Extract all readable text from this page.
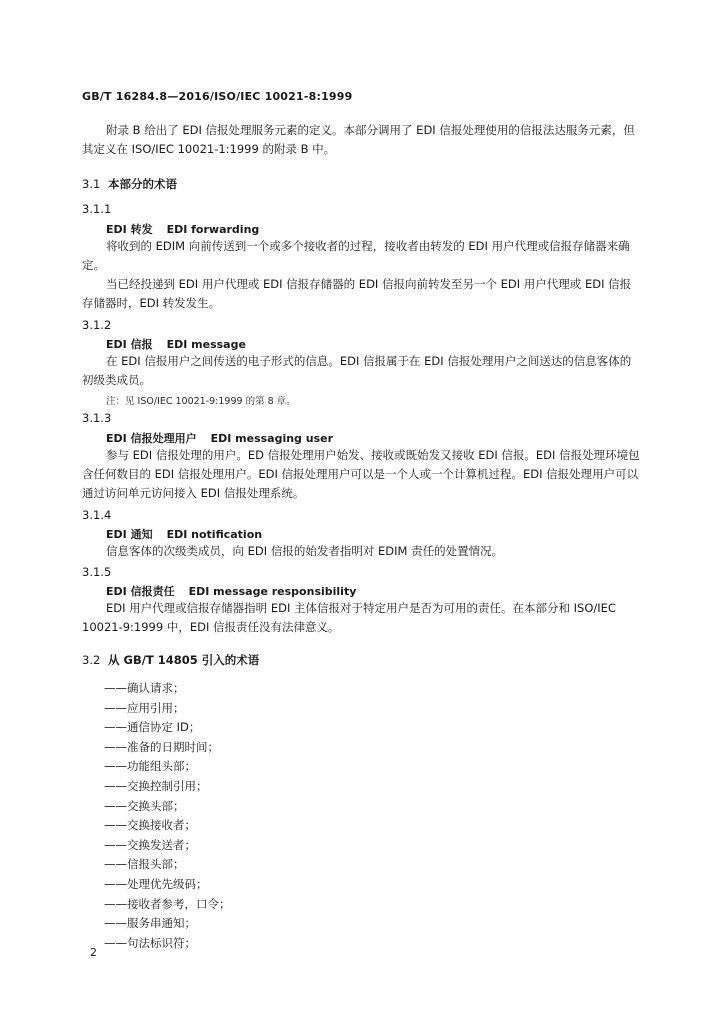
GB/T 16284.8—2016/ISO/IEC 10021-8:1999

附录 B 给出了 EDI 信报处理服务元素的定义。本部分调用了 EDI 信报处理使用的信报法达服务元素，但其定义在 ISO/IEC 10021-1:1999 的附录 B 中。

3.1 本部分的术语
3.1.1
EDI 转发 EDI forwarding

将收到的 EDIM 向前传送到一个或多个接收者的过程，接收者由转发的 EDI 用户代理或信报存储器来确定。

当已经投递到 EDI 用户代理或 EDI 信报存储器的 EDI 信报向前转发至另一个 EDI 用户代理或 EDI 信报存储器时，EDI 转发发生。

3.1.2
EDI 信报 EDI message

在 EDI 信报用户之间传送的电子形式的信息。EDI 信报属于在 EDI 信报处理用户之间送达的信息客体的初级类成员。

注：见 ISO/IEC 10021-9:1999 的第 8 章。
3.1.3
EDI 信报处理用户 EDI messaging user

参与 EDI 信报处理的用户。ED 信报处理用户始发、接收或既始发又接收 EDI 信报。EDI 信报处理环境包含任何数目的 EDI 信报处理用户。EDI 信报处理用户可以是一个人或一个计算机过程。EDI 信报处理用户可以通过访问单元访问接入 EDI 信报处理系统。

3.1.4
EDI 通知 EDI notification

信息客体的次级类成员，向 EDI 信报的始发者指明对 EDIM 责任的处置情况。

3.1.5
EDI 信报责任 EDI message responsibility

EDI 用户代理或信报存储器指明 EDI 主体信报对于特定用户是否为可用的责任。在本部分和 ISO/IEC 10021-9:1999 中，EDI 信报责任没有法律意义。

3.2 从 GB/T 14805 引入的术语
——确认请求；
——应用引用；
——通信协定 ID；
——准备的日期时间；
——功能组头部；
——交换控制引用；
——交换头部；
——交换接收者；
——交换发送者；
——信报头部；
——处理优先级码；
——接收者参考，口令；
——服务串通知；
——句法标识符；
2
